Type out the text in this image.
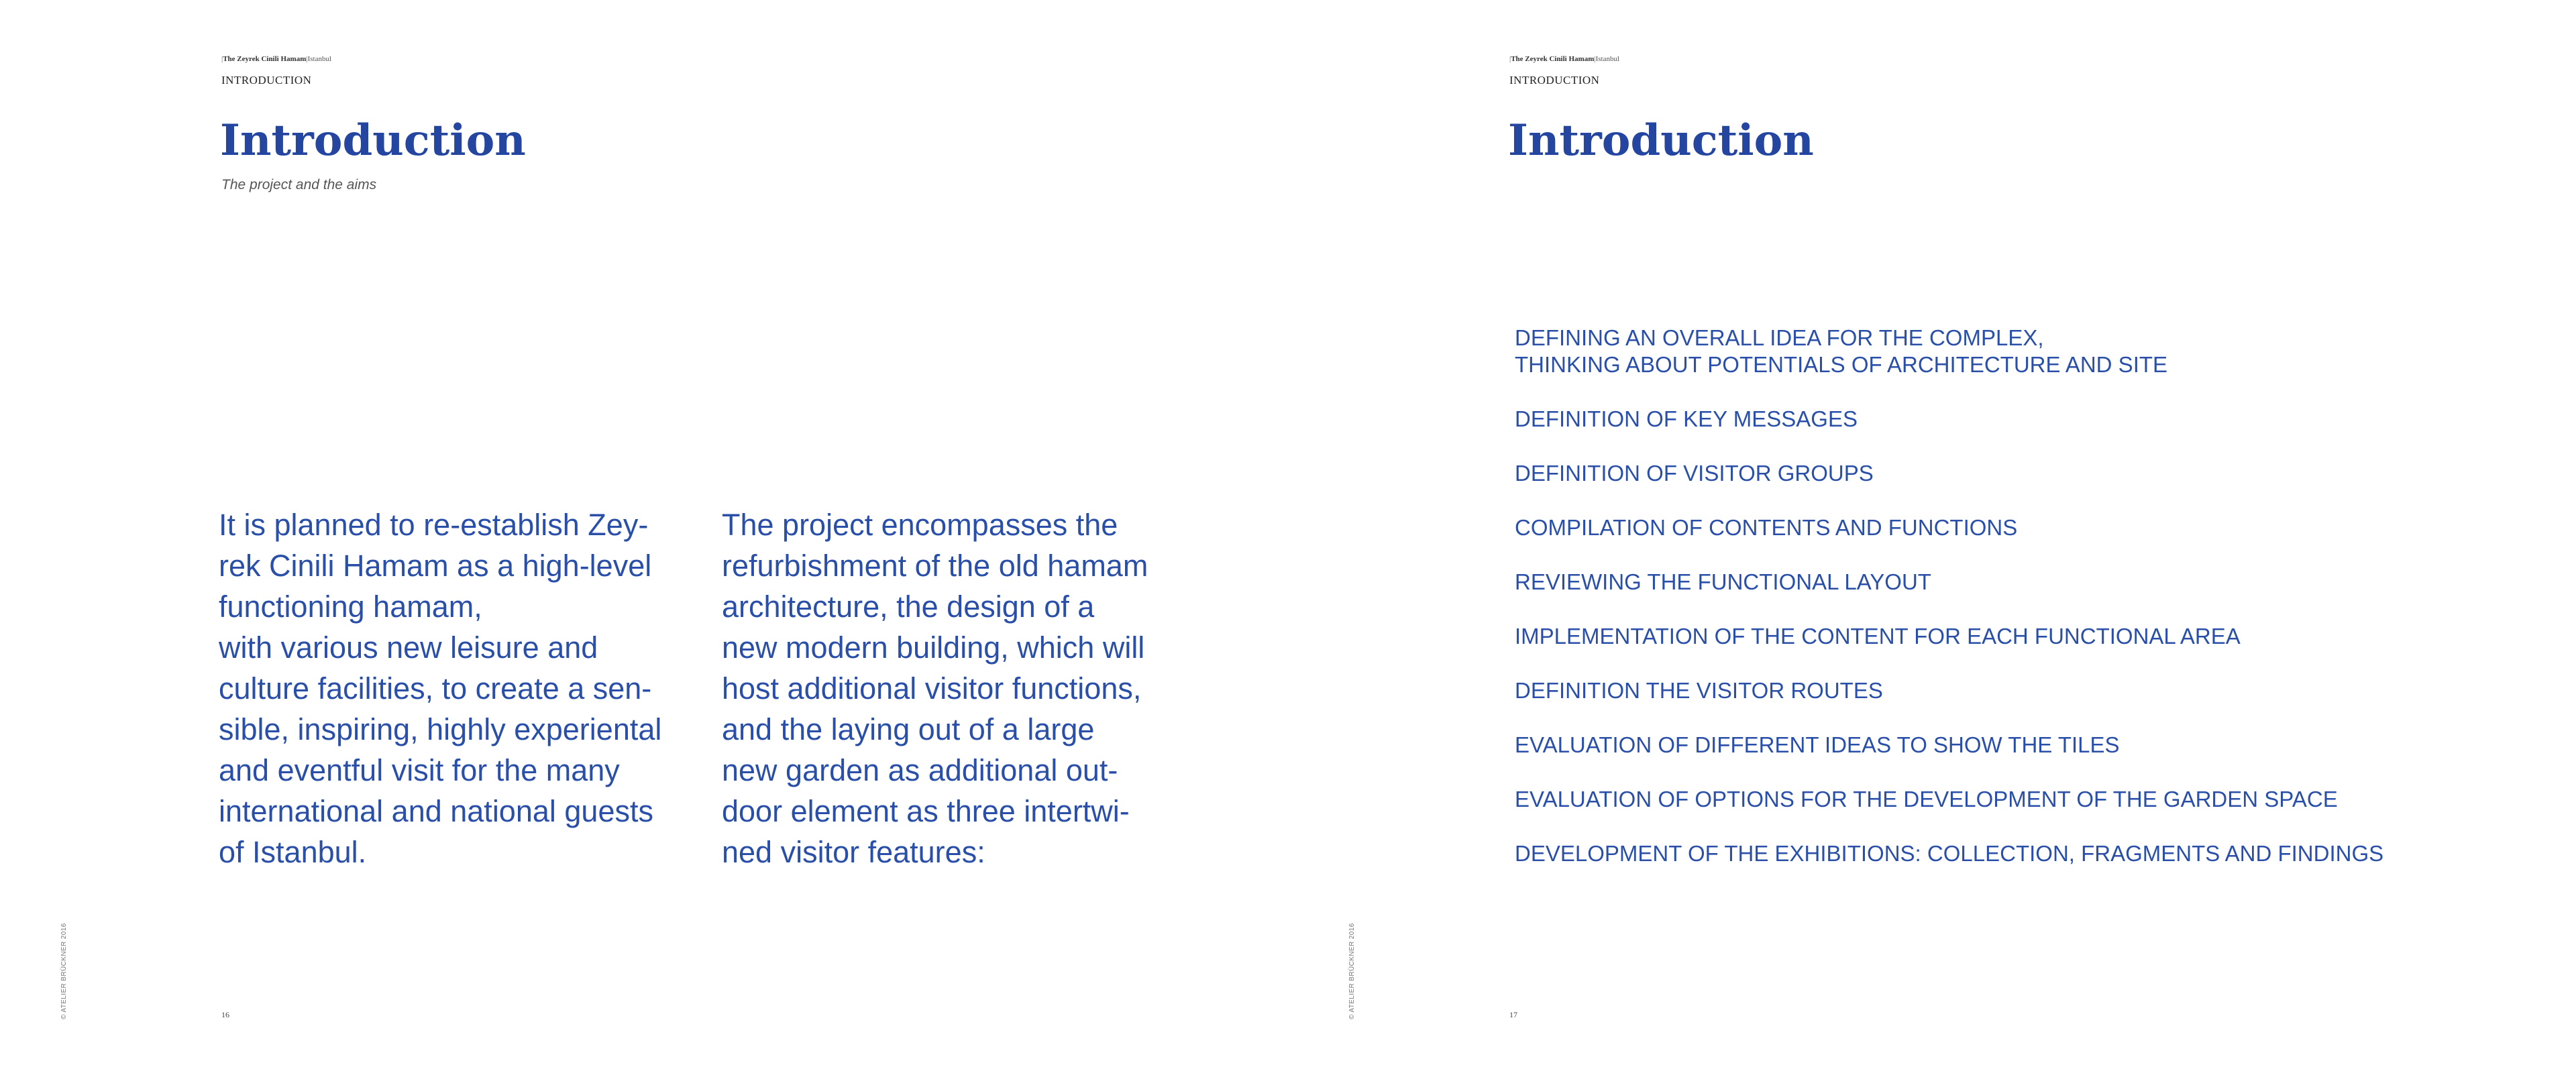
|The Zeyrek Cinili Hamam|Istanbul
INTRODUCTION
Introduction
The project and the aims
It is planned to re-establish Zey-
rek Cinili Hamam as a high-level
functioning hamam,
with various new leisure and
culture facilities, to create a sen-
sible, inspiring, highly experiental
and eventful visit for the many
international and national guests
of Istanbul.
The project encompasses the
refurbishment of the old hamam
architecture, the design of a
new modern building, which will
host additional visitor functions,
and the laying out of a large
new garden as additional out-
door element as three intertwi-
ned visitor features:
© ATELIER BRÜCKNER 2016	16
|The Zeyrek Cinili Hamam|Istanbul
INTRODUCTION
Introduction
DEFINING AN OVERALL IDEA FOR THE COMPLEX,
THINKING ABOUT POTENTIALS OF ARCHITECTURE AND SITE
DEFINITION OF KEY MESSAGES
DEFINITION OF VISITOR GROUPS
COMPILATION OF CONTENTS AND FUNCTIONS
REVIEWING THE FUNCTIONAL LAYOUT
IMPLEMENTATION OF THE CONTENT FOR EACH FUNCTIONAL AREA
DEFINITION THE VISITOR ROUTES
EVALUATION OF DIFFERENT IDEAS TO SHOW THE TILES
EVALUATION OF OPTIONS FOR THE DEVELOPMENT OF THE GARDEN SPACE
DEVELOPMENT OF THE EXHIBITIONS: COLLECTION, FRAGMENTS AND FINDINGS
© ATELIER BRÜCKNER 2016	17
